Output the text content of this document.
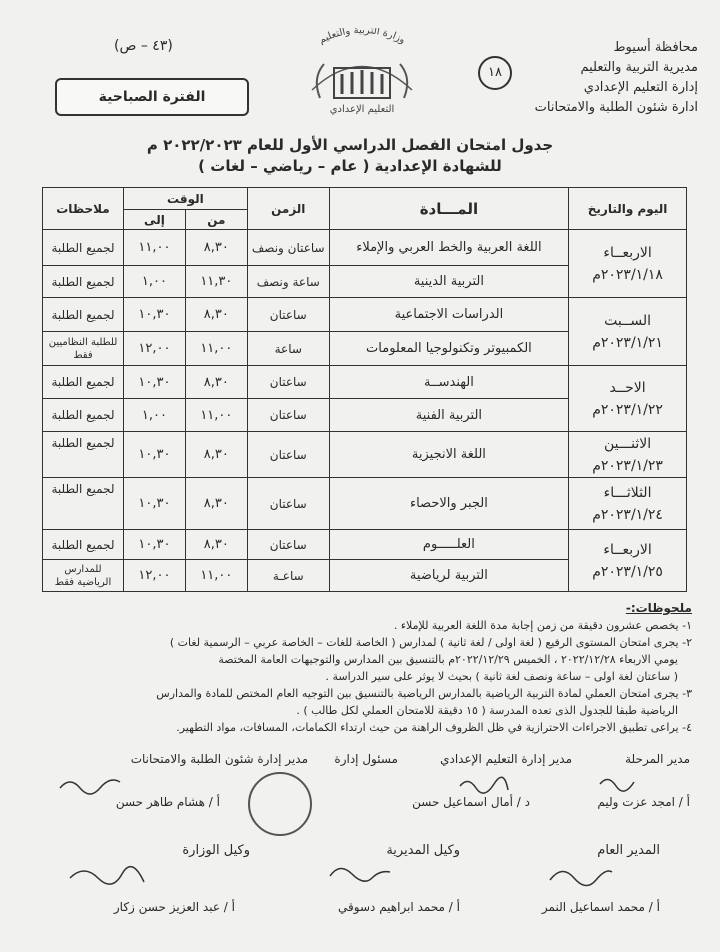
محافظة أسيوط
مديرية التربية والتعليم
إدارة التعليم الإعدادي
ادارة شئون الطلبة والامتحانات
١٨
وزارة التربية والتعليم
التعليم الإعدادي
(٤٣ – ص)
الفترة الصباحية
جدول امتحان الفصل الدراسي الأول للعام ٢٠٢٢/٢٠٢٣ م
للشهادة الإعدادية ( عام – رياضي – لغات )
اليوم والتاريخ	المـــادة	الزمن	الوقت		ملاحظات
			من	إلى	

الاربعــاء
٢٠٢٣/١/١٨م	اللغة العربية والخط العربي والإملاء	ساعتان ونصف	٨,٣٠	١١,٠٠	لجميع الطلبة
	التربية الدينية	ساعة ونصف	١١,٣٠	١,٠٠	لجميع الطلبة

الســبت
٢٠٢٣/١/٢١م	الدراسات الاجتماعية	ساعتان	٨,٣٠	١٠,٣٠	لجميع الطلبة
	الكمبيوتر وتكنولوجيا المعلومات	ساعة	١١,٠٠	١٢,٠٠	للطلبة النظاميين فقط

الاحــد
٢٠٢٣/١/٢٢م	الهندســة	ساعتان	٨,٣٠	١٠,٣٠	لجميع الطلبة
	التربية الفنية	ساعتان	١١,٠٠	١,٠٠	لجميع الطلبة

الاثنـــين
٢٠٢٣/١/٢٣م	اللغة الانجيزية	ساعتان	٨,٣٠	١٠,٣٠	لجميع الطلبة

الثلاثـــاء
٢٠٢٣/١/٢٤م	الجبر والاحصاء	ساعتان	٨,٣٠	١٠,٣٠	لجميع الطلبة

الاربعــاء
٢٠٢٣/١/٢٥م	العلـــــوم	ساعتان	٨,٣٠	١٠,٣٠	لجميع الطلبة
	التربية لرياضية	ساعـة	١١,٠٠	١٢,٠٠	للمدارس الرياضية فقط
ملحوظات:-
١- يخصص عشرون دقيقة من زمن إجابة مدة اللغة العربية للإملاء .
٢- يجرى امتحان المستوى الرفيع ( لغة اولى / لغة ثانية ) لمدارس ( الخاصة للغات – الخاصة عربي – الرسمية لغات )
يومي الاربعاء ٢٠٢٢/١٢/٢٨ ، الخميس ٢٠٢٢/١٢/٢٩م بالتنسيق بين المدارس والتوجيهات العامة المختصة
( ساعتان لغة اولى – ساعة ونصف لغة ثانية ) بحيث لا يوثر على سير الدراسة .
٣- يجرى امتحان العملي لمادة التربية الرياضية بالمدارس الرياضية بالتنسيق بين التوجيه العام المختص للمادة والمدارس
الرياضية طبقا للجدول الذى تعده المدرسة ( ١٥ دقيقة للامتحان العملي لكل طالب ) .
٤- يراعى تطبيق الاجراءات الاحترازية في ظل الظروف الراهنة من حيث ارتداء الكمامات، المسافات، مواد التطهير.
مدير المرحلة
مدير إدارة التعليم الإعدادي
مسئول إدارة
مدير إدارة شئون الطلبة والامتحانات
أ / امجد عزت وليم
د / أمال اسماعيل حسن
أ / هشام طاهر حسن
المدير العام
وكيل المديرية
وكيل الوزارة
أ / محمد اسماعيل النمر
أ / محمد ابراهيم دسوقي
أ / عبد العزيز حسن زكار
